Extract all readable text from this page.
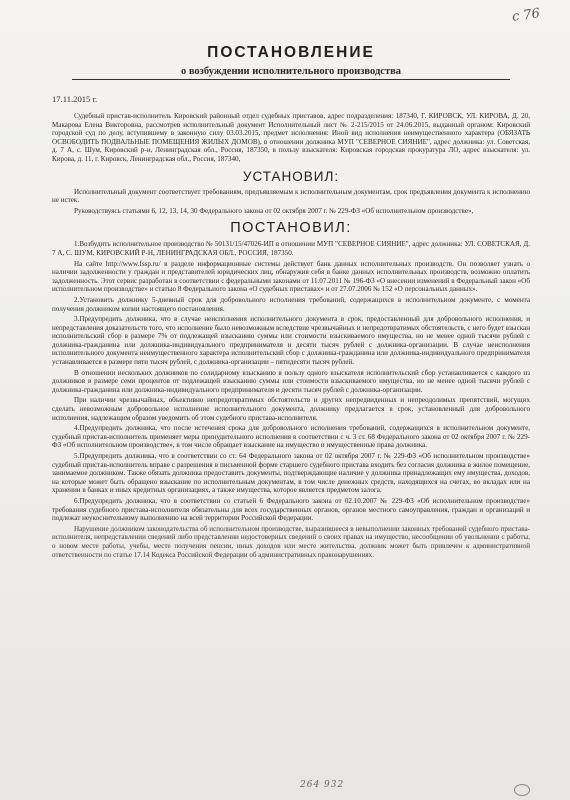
с 76
ПОСТАНОВЛЕНИЕ
о возбуждении исполнительного производства
17.11.2015 г.

Судебный пристав-исполнитель Кировский районный отдел судебных приставов, адрес подразделения: 187340, Г. КИРОВСК, УЛ. КИРОВА, Д. 20, Макарова Елена Викторовна, рассмотрев исполнительный документ Исполнительный лист № 2-215/2015 от 24.06.2015, выданный органом: Кировский городской суд по делу, вступившему в законную силу 03.03.2015, предмет исполнения: Иной вид исполнения неимущественного характера (ОБЯЗАТЬ ОСВОБОДИТЬ ПОДВАЛЬНЫЕ ПОМЕЩЕНИЯ ЖИЛЫХ ДОМОВ), в отношении должника МУП "СЕВЕРНОЕ СИЯНИЕ", адрес должника: ул. Советская, д. 7 А, с. Шум, Кировский р-н, Ленинградская обл., Россия, 187350, в пользу взыскателя: Кировская городская прокуратура ЛО, адрес взыскателя: ул. Кирова, д. 11, г. Кировск, Ленинградская обл., Россия, 187340,

УСТАНОВИЛ:

Исполнительный документ соответствует требованиям, предъявляемым к исполнительным документам, срок предъявления документа к исполнению не истек.

Руководствуясь статьями 6, 12, 13, 14, 30 Федерального закона от 02 октября 2007 г. № 229-ФЗ «Об исполнительном производстве»,

ПОСТАНОВИЛ:

1.Возбудить исполнительное производство № 50131/15/47026-ИП в отношении МУП "СЕВЕРНОЕ СИЯНИЕ", адрес должника: УЛ. СОВЕТСКАЯ, Д. 7 А, С. ШУМ, КИРОВСКИЙ Р-Н, ЛЕНИНГРАДСКАЯ ОБЛ., РОССИЯ, 187350.

На сайте http://www.fssp.ru/ в разделе информационные системы действует банк данных исполнительных производств. Он позволяет узнать о наличии задолженности у граждан и представителей юридических лиц, обнаружив себя в банке данных исполнительных производств, возможно оплатить задолженность. Этот сервис разработан в соответствии с федеральными законами от 11.07.2011 № 196-ФЗ «О внесении изменений в Федеральный закон «Об исполнительном производстве» и статью 8 Федерального закона «О судебных приставах» и от 27.07.2006 № 152 «О персональных данных».

2.Установить должнику 5-дневный срок для добровольного исполнения требований, содержащихся в исполнительном документе, с момента получения должником копии настоящего постановления.

3.Предупредить должника, что в случае неисполнения исполнительного документа в срок, предоставленный для добровольного исполнения, и непредставления доказательств того, что исполнение было невозможным вследствие чрезвычайных и непредотвратимых обстоятельств, с него будет взыскан исполнительский сбор в размере 7% от подлежащей взысканию суммы или стоимости взыскиваемого имущества, но не менее одной тысячи рублей с должника-гражданина или должника-индивидуального предпринимателя и десяти тысяч рублей с должника-организации. В случае неисполнения исполнительного документа неимущественного характера исполнительский сбор с должника-гражданина или должника-индивидуального предпринимателя устанавливается в размере пяти тысяч рублей, с должника-организации – пятидесяти тысяч рублей.

В отношении нескольких должников по солидарному взысканию в пользу одного взыскателя исполнительский сбор устанавливается с каждого из должников в размере семи процентов от подлежащей взысканию суммы или стоимости взыскиваемого имущества, но не менее одной тысячи рублей с должника-гражданина или должника-индивидуального предпринимателя и десяти тысяч рублей с должника-организации.

При наличии чрезвычайных, объективно непредотвратимых обстоятельств и других непредвиденных и непреодолимых препятствий, могущих сделать невозможным добровольное исполнение исполнительного документа, должнику предлагается в срок, установленный для добровольного исполнения, надлежащим образом уведомить об этом судебного пристава-исполнителя.

4.Предупредить должника, что после истечения срока для добровольного исполнения требований, содержащихся в исполнительном документе, судебный пристав-исполнитель применяет меры принудительного исполнения в соответствии с ч. 3 ст. 68 Федерального закона от 02 октября 2007 г. № 229-ФЗ «Об исполнительном производстве», в том числе обращает взыскание на имущество и имущественные права должника.

5.Предупредить должника, что в соответствии со ст. 64 Федерального закона от 02 октября 2007 г. № 229-ФЗ «Об исполнительном производстве» судебный пристав-исполнитель вправе с разрешения в письменной форме старшего судебного пристава входить без согласия должника в жилое помещение, занимаемое должником. Также обязать должника предоставить документы, подтверждающие наличие у должника принадлежащих ему имущества, доходов, на которые может быть обращено взыскание по исполнительным документам, в том числе денежных средств, находящихся на счетах, во вкладах или на хранении в банках и иных кредитных организациях, а также имущества, которое является предметом залога.

6.Предупредить должника, что в соответствии со статьей 6 Федерального закона от 02.10.2007 № 229-ФЗ «Об исполнительном производстве» требования судебного пристава-исполнителя обязательны для всех государственных органов, органов местного самоуправления, граждан и организаций и подлежат неукоснительному выполнению на всей территории Российской Федерации.

Нарушение должником законодательства об исполнительном производстве, выразившееся в невыполнении законных требований судебного пристава-исполнителя, непредставлении сведений либо представлении недостоверных сведений о своих правах на имущество, несообщении об увольнении с работы, о новом месте работы, учебы, месте получения пенсии, иных доходов или месте жительства, должник может быть привлечен к административной ответственности по статье 17.14 Кодекса Российской Федерации об административных правонарушениях.

264 932
